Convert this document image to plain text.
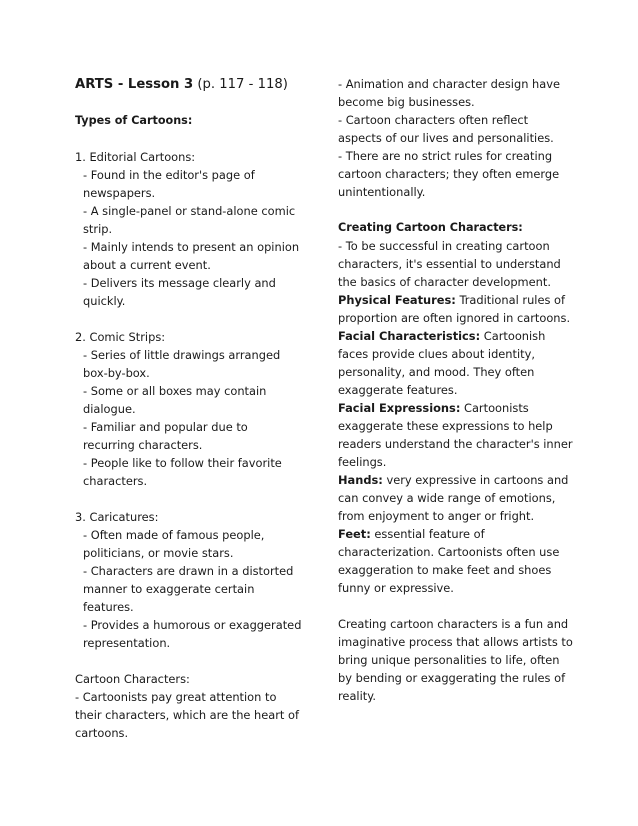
ARTS - Lesson 3 (p. 117 - 118)

Types of Cartoons:

1. Editorial Cartoons:

- Found in the editor's page of newspapers.

- A single-panel or stand-alone comic strip.

- Mainly intends to present an opinion about a current event.

- Delivers its message clearly and quickly.

2. Comic Strips:

- Series of little drawings arranged box-by-box.

- Some or all boxes may contain dialogue.

- Familiar and popular due to recurring characters.

- People like to follow their favorite characters.

3. Caricatures:

- Often made of famous people, politicians, or movie stars.

- Characters are drawn in a distorted manner to exaggerate certain features.

- Provides a humorous or exaggerated representation.

Cartoon Characters:

- Cartoonists pay great attention to their characters, which are the heart of cartoons.

- Animation and character design have become big businesses.

- Cartoon characters often reflect aspects of our lives and personalities.

- There are no strict rules for creating cartoon characters; they often emerge unintentionally.

Creating Cartoon Characters:

- To be successful in creating cartoon characters, it's essential to understand the basics of character development.

Physical Features: Traditional rules of proportion are often ignored in cartoons.

Facial Characteristics: Cartoonish faces provide clues about identity, personality, and mood. They often exaggerate features.

Facial Expressions: Cartoonists exaggerate these expressions to help readers understand the character's inner feelings.

Hands: very expressive in cartoons and can convey a wide range of emotions, from enjoyment to anger or fright.

Feet: essential feature of characterization. Cartoonists often use exaggeration to make feet and shoes funny or expressive.

Creating cartoon characters is a fun and imaginative process that allows artists to bring unique personalities to life, often by bending or exaggerating the rules of reality.
